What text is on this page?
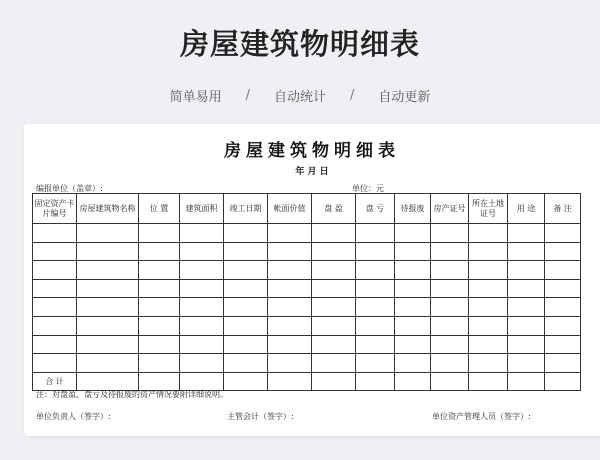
房屋建筑物明细表
简单易用 / 自动统计 / 自动更新
房屋建筑物明细表
年 月 日
编报单位（盖章）:	单位：元
固定资产卡片编号	房屋建筑物名称	位 置	建筑面积	竣工日期	帐面价值	盘 盈	盘 亏	待报废	房产证号	所在土地证号	用 途	备 注

合 计												
注：对盘盈、盘亏及待报废的资产情况要附详细说明。
单位负责人（签字）:	主管会计（签字）:	单位资产管理人员（签字）:
